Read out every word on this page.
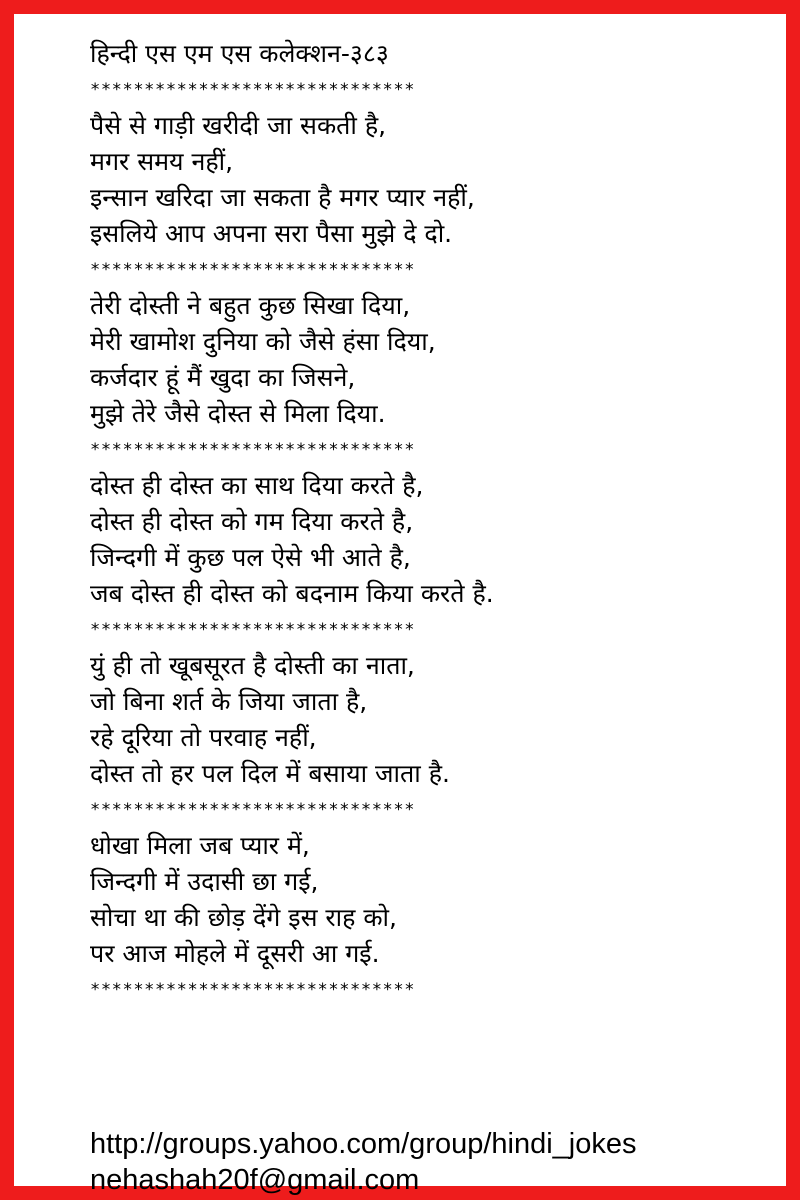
हिन्दी एस एम एस कलेक्शन-३८३
******************************
पैसे से गाड़ी खरीदी जा सकती है,
मगर समय नहीं,
इन्सान खरिदा जा सकता है मगर प्यार नहीं,
इसलिये आप अपना सरा पैसा मुझे दे दो.
******************************
तेरी दोस्ती ने बहुत कुछ सिखा दिया,
मेरी खामोश दुनिया को जैसे हंसा दिया,
कर्जदार हूं मैं खुदा का जिसने,
मुझे तेरे जैसे दोस्त से मिला दिया.
******************************
दोस्त ही दोस्त का साथ दिया करते है,
दोस्त ही दोस्त को गम दिया करते है,
जिन्दगी में कुछ पल ऐसे भी आते है,
जब दोस्त ही दोस्त को बदनाम किया करते है.
******************************
युं ही तो खूबसूरत है दोस्ती का नाता,
जो बिना शर्त के जिया जाता है,
रहे दूरिया तो परवाह नहीं,
दोस्त तो हर पल दिल में बसाया जाता है.
******************************
धोखा मिला जब प्यार में,
जिन्दगी में उदासी छा गई,
सोचा था की छोड़ देंगे इस राह को,
पर आज मोहले में दूसरी आ गई.
******************************
http://groups.yahoo.com/group/hindi_jokes
nehashah20f@gmail.com
